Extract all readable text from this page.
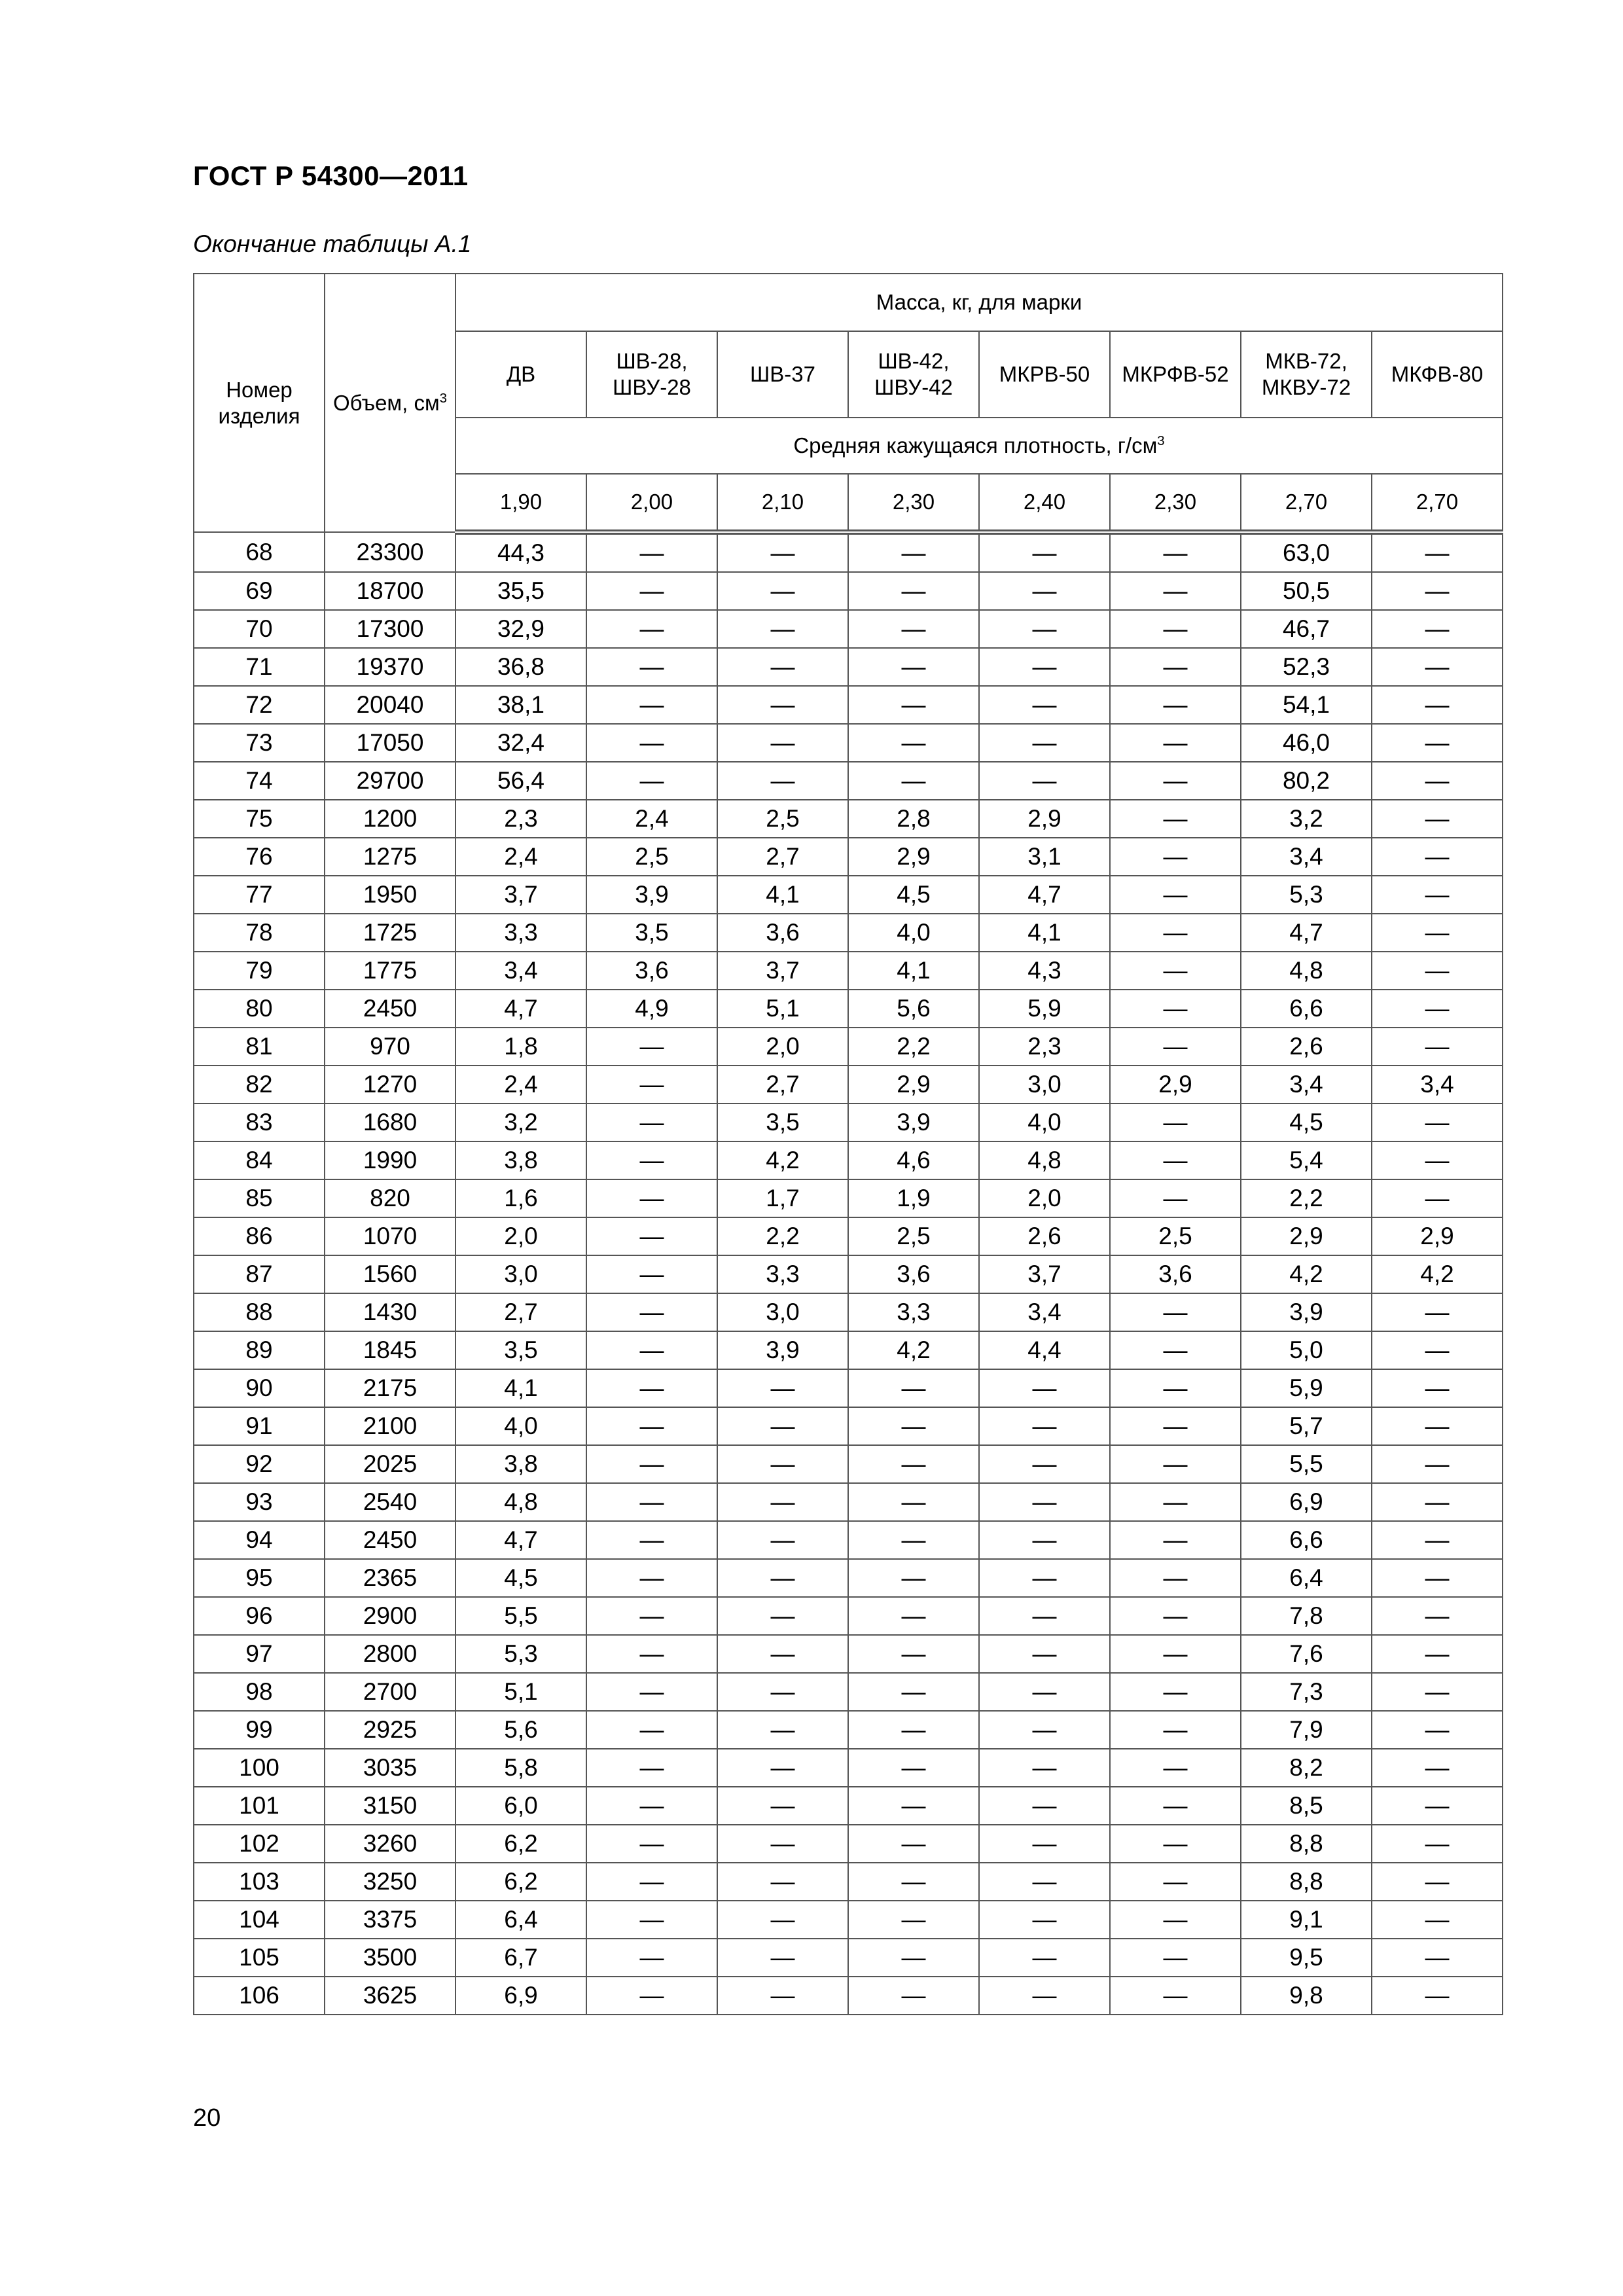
ГОСТ Р 54300—2011
Окончание таблицы А.1
Номер изделия	Объем, $см^3$	Масса, кг, для марки							
		ДВ	ШВ-28, ШВУ-28	ШВ-37	ШВ-42, ШВУ-42	МКРВ-50	МКРФВ-52	МКВ-72, МКВУ-72	МКФВ-80
		Средняя кажущаяся плотность, $г/см^3$
		1,90	2,00	2,10	2,30	2,40	2,30	2,70	2,70
68	23300	44,3	—	—	—	—	—	63,0	—
69	18700	35,5	—	—	—	—	—	50,5	—
70	17300	32,9	—	—	—	—	—	46,7	—
71	19370	36,8	—	—	—	—	—	52,3	—
72	20040	38,1	—	—	—	—	—	54,1	—
73	17050	32,4	—	—	—	—	—	46,0	—
74	29700	56,4	—	—	—	—	—	80,2	—
75	1200	2,3	2,4	2,5	2,8	2,9	—	3,2	—
76	1275	2,4	2,5	2,7	2,9	3,1	—	3,4	—
77	1950	3,7	3,9	4,1	4,5	4,7	—	5,3	—
78	1725	3,3	3,5	3,6	4,0	4,1	—	4,7	—
79	1775	3,4	3,6	3,7	4,1	4,3	—	4,8	—
80	2450	4,7	4,9	5,1	5,6	5,9	—	6,6	—
81	970	1,8	—	2,0	2,2	2,3	—	2,6	—
82	1270	2,4	—	2,7	2,9	3,0	2,9	3,4	3,4
83	1680	3,2	—	3,5	3,9	4,0	—	4,5	—
84	1990	3,8	—	4,2	4,6	4,8	—	5,4	—
85	820	1,6	—	1,7	1,9	2,0	—	2,2	—
86	1070	2,0	—	2,2	2,5	2,6	2,5	2,9	2,9
87	1560	3,0	—	3,3	3,6	3,7	3,6	4,2	4,2
88	1430	2,7	—	3,0	3,3	3,4	—	3,9	—
89	1845	3,5	—	3,9	4,2	4,4	—	5,0	—
90	2175	4,1	—	—	—	—	—	5,9	—
91	2100	4,0	—	—	—	—	—	5,7	—
92	2025	3,8	—	—	—	—	—	5,5	—
93	2540	4,8	—	—	—	—	—	6,9	—
94	2450	4,7	—	—	—	—	—	6,6	—
95	2365	4,5	—	—	—	—	—	6,4	—
96	2900	5,5	—	—	—	—	—	7,8	—
97	2800	5,3	—	—	—	—	—	7,6	—
98	2700	5,1	—	—	—	—	—	7,3	—
99	2925	5,6	—	—	—	—	—	7,9	—
100	3035	5,8	—	—	—	—	—	8,2	—
101	3150	6,0	—	—	—	—	—	8,5	—
102	3260	6,2	—	—	—	—	—	8,8	—
103	3250	6,2	—	—	—	—	—	8,8	—
104	3375	6,4	—	—	—	—	—	9,1	—
105	3500	6,7	—	—	—	—	—	9,5	—
106	3625	6,9	—	—	—	—	—	9,8	—
20
